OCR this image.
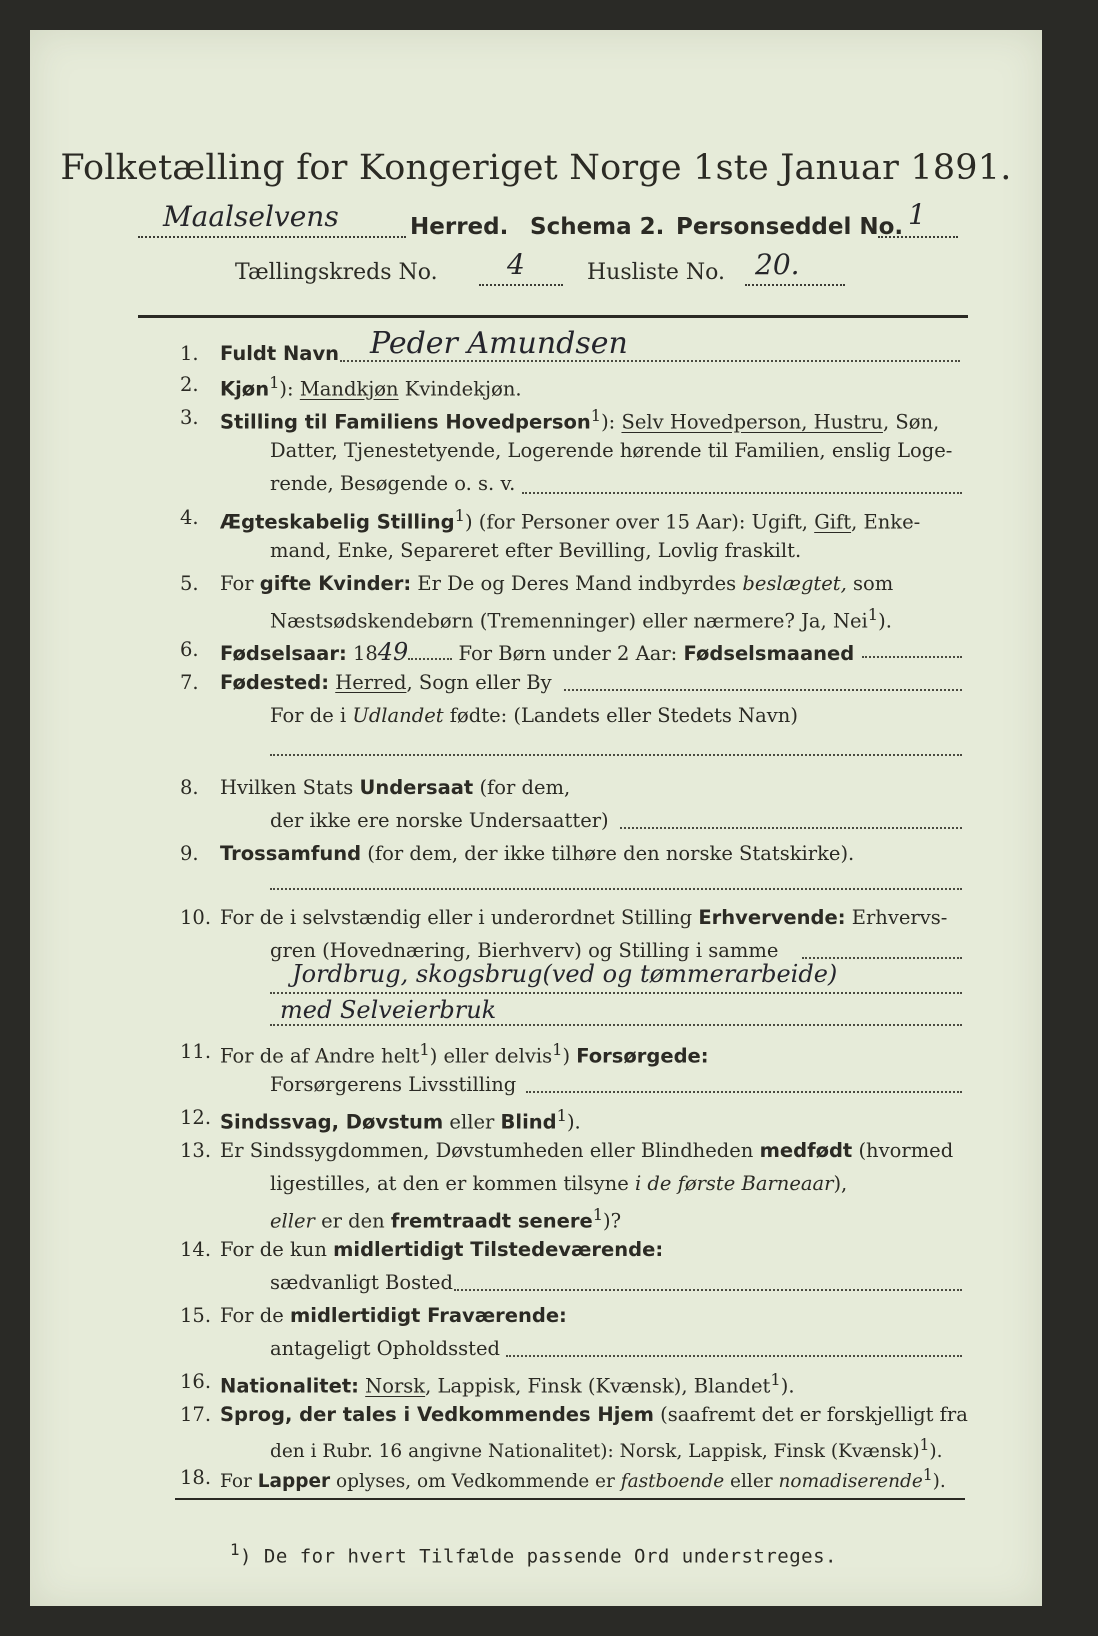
Folketælling for Kongeriget Norge 1ste Januar 1891.
Maalselvens	Herred. Schema 2. Personseddel No. 1
Tællingskreds No. 4	Husliste No. 20.
1.	Fuldt Navn Peder Amundsen
2.	Kjøn$^1$): Mandkjøn Kvindekjøn.
3.	Stilling til Familiens Hovedperson$^1$): Selv Hovedperson, Hustru, Søn,
Datter, Tjenestetyende, Logerende hørende til Familien, enslig Loge-
rende, Besøgende o. s. v.
4.	Ægteskabelig Stilling$^1$) (for Personer over 15 Aar): Ugift, Gift, Enke-
mand, Enke, Separeret efter Bevilling, Lovlig fraskilt.
5.	For gifte Kvinder: Er De og Deres Mand indbyrdes beslægtet, som
Næstsødskendebørn (Tremenninger) eller nærmere? Ja, Nei$^1$).
6.	Fødselsaar: 1849 For Børn under 2 Aar: Fødselsmaaned
7.	Fødested: Herred, Sogn eller By
For de i Udlandet fødte: (Landets eller Stedets Navn)
8.	Hvilken Stats Undersaat (for dem,
der ikke ere norske Undersaatter)
9.	Trossamfund (for dem, der ikke tilhøre den norske Statskirke).
10. For de i selvstændig eller i underordnet Stilling Erhvervende: Erhvervs-
gren (Hovednæring, Bierhverv) og Stilling i samme
Jordbrug, skogsbrug(ved og tømmerarbeide)
med Selveierbruk
11. For de af Andre helt$^1$) eller delvis$^1$) Forsørgede:
Forsørgerens Livsstilling
12. Sindssvag, Døvstum eller Blind$^1$).
13. Er Sindssygdommen, Døvstumheden eller Blindheden medfødt (hvormed
ligestilles, at den er kommen tilsyne i de første Barneaar),
eller er den fremtraadt senere$^1$)?
14. For de kun midlertidigt Tilstedeværende:
sædvanligt Bosted
15. For de midlertidigt Fraværende:
antageligt Opholdssted
16. Nationalitet: Norsk, Lappisk, Finsk (Kvænsk), Blandet$^1$).
17. Sprog, der tales i Vedkommendes Hjem (saafremt det er forskjelligt fra
den i Rubr. 16 angivne Nationalitet): Norsk, Lappisk, Finsk (Kvænsk)$^1$).
18. For Lapper oplyses, om Vedkommende er fastboende eller nomadiserende$^1$).
$^1$) De for hvert Tilfælde passende Ord understreges.
